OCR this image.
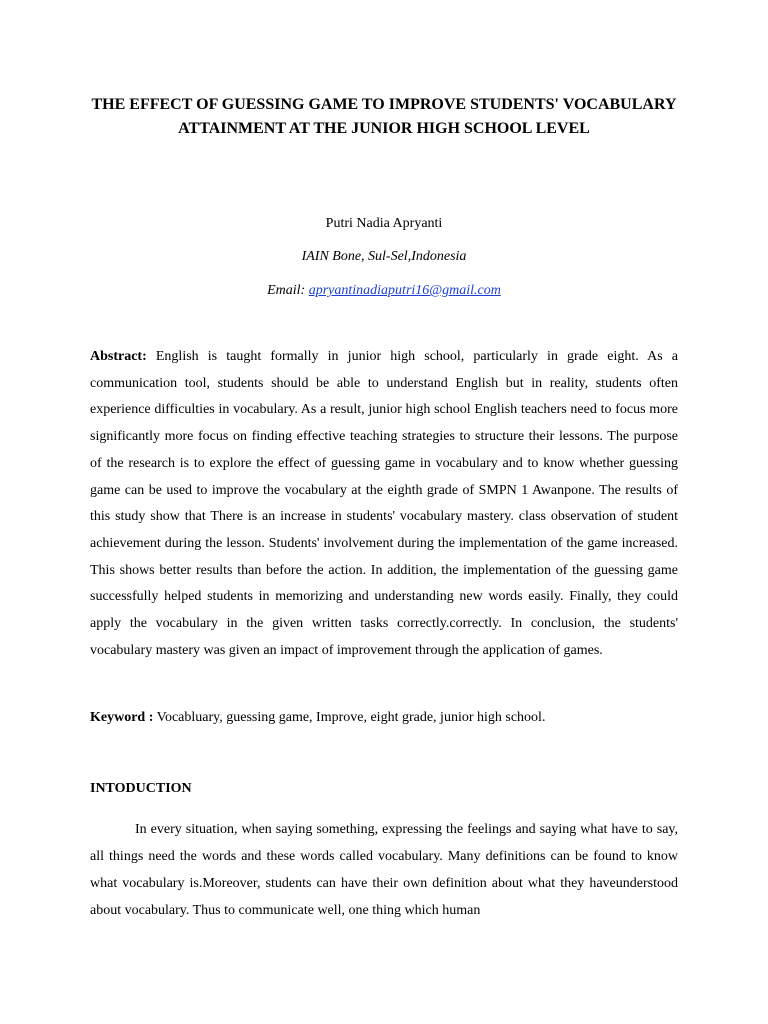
THE EFFECT OF GUESSING GAME TO IMPROVE STUDENTS' VOCABULARY ATTAINMENT AT THE JUNIOR HIGH SCHOOL LEVEL
Putri Nadia Apryanti
IAIN Bone, Sul-Sel,Indonesia
Email: apryantinadiaputri16@gmail.com
Abstract: English is taught formally in junior high school, particularly in grade eight. As a communication tool, students should be able to understand English but in reality, students often experience difficulties in vocabulary. As a result, junior high school English teachers need to focus more significantly more focus on finding effective teaching strategies to structure their lessons. The purpose of the research is to explore the effect of guessing game in vocabulary and to know whether guessing game can be used to improve the vocabulary at the eighth grade of SMPN 1 Awanpone. The results of this study show that There is an increase in students' vocabulary mastery. class observation of student achievement during the lesson. Students' involvement during the implementation of the game increased. This shows better results than before the action. In addition, the implementation of the guessing game successfully helped students in memorizing and understanding new words easily. Finally, they could apply the vocabulary in the given written tasks correctly.correctly. In conclusion, the students' vocabulary mastery was given an impact of improvement through the application of games.
Keyword : Vocabluary, guessing game, Improve, eight grade, junior high school.
INTODUCTION
In every situation, when saying something, expressing the feelings and saying what have to say, all things need the words and these words called vocabulary. Many definitions can be found to know what vocabulary is.Moreover, students can have their own definition about what they haveunderstood about vocabulary. Thus to communicate well, one thing which human
